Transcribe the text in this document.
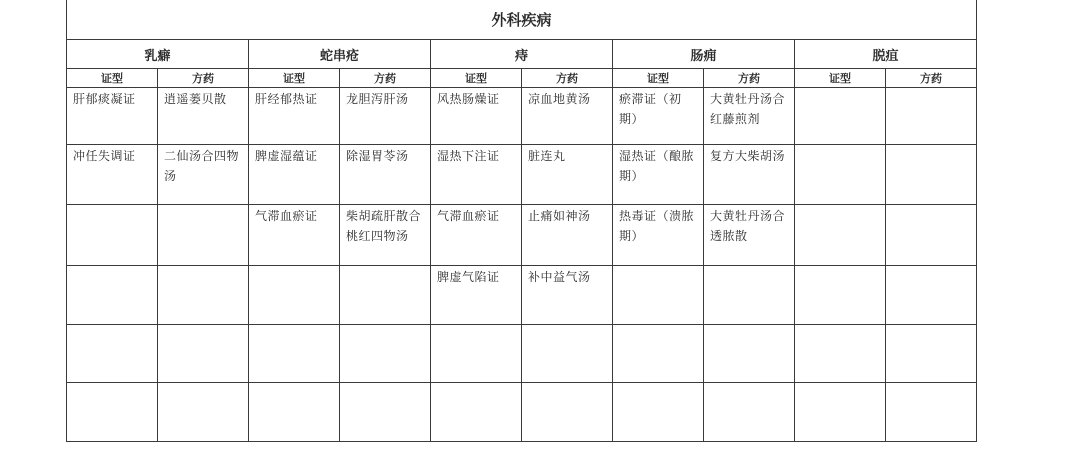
外科疾病									
乳癖		蛇串疮		痔		肠痈		脱疽	
证型	方药	证型	方药	证型	方药	证型	方药	证型	方药
肝郁痰凝证	逍遥蒌贝散	肝经郁热证	龙胆泻肝汤	风热肠燥证	凉血地黄汤	瘀滞证（初期）	大黄牡丹汤合红藤煎剂		
冲任失调证	二仙汤合四物汤	脾虚湿蕴证	除湿胃苓汤	湿热下注证	脏连丸	湿热证（酿脓期）	复方大柴胡汤		
		气滞血瘀证	柴胡疏肝散合桃红四物汤	气滞血瘀证	止痛如神汤	热毒证（溃脓期）	大黄牡丹汤合透脓散		
				脾虚气陷证	补中益气汤				
